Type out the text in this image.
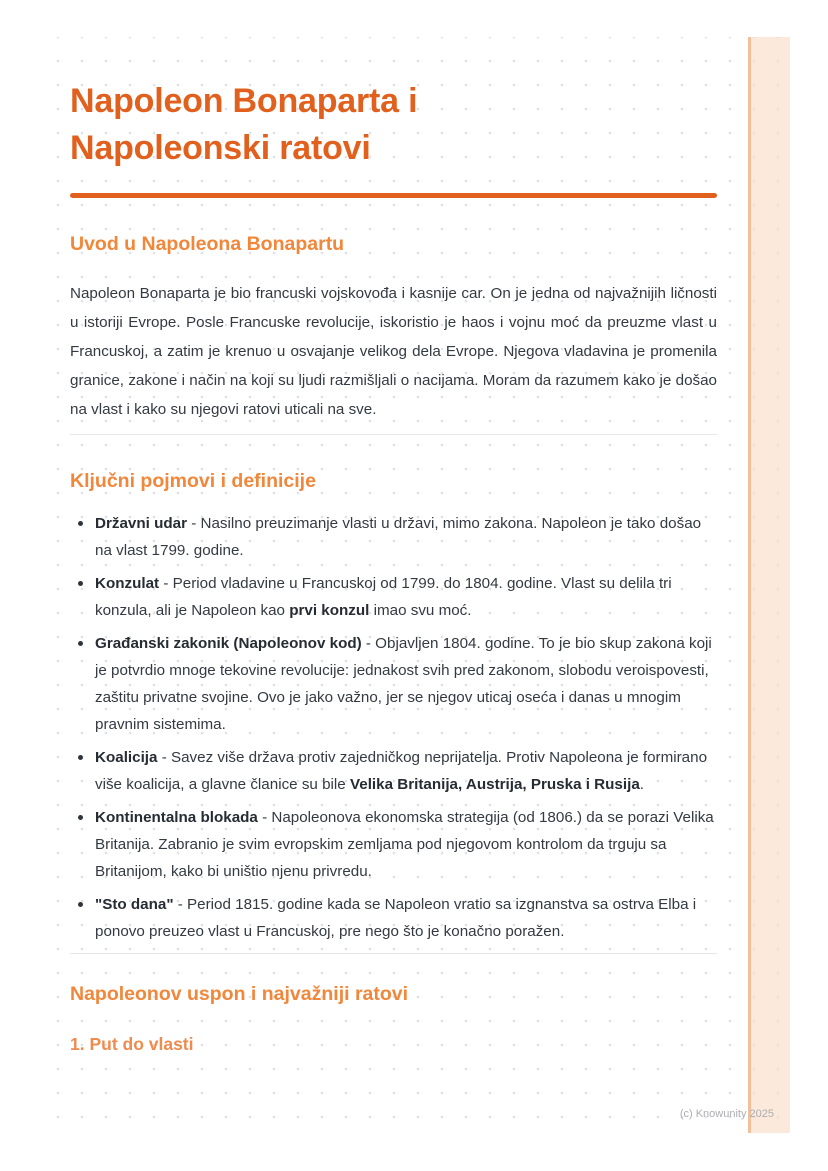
Napoleon Bonaparta i
Napoleonski ratovi
Uvod u Napoleona Bonapartu

Napoleon Bonaparta je bio francuski vojskovođa i kasnije car. On je jedna od najvažnijih ličnosti u istoriji Evrope. Posle Francuske revolucije, iskoristio je haos i vojnu moć da preuzme vlast u Francuskoj, a zatim je krenuo u osvajanje velikog dela Evrope. Njegova vladavina je promenila granice, zakone i način na koji su ljudi razmišljali o nacijama. Moram da razumem kako je došao na vlast i kako su njegovi ratovi uticali na sve.

Ključni pojmovi i definicije
Državni udar - Nasilno preuzimanje vlasti u državi, mimo zakona. Napoleon je tako došao na vlast 1799. godine.
Konzulat - Period vladavine u Francuskoj od 1799. do 1804. godine. Vlast su delila tri konzula, ali je Napoleon kao prvi konzul imao svu moć.
Građanski zakonik (Napoleonov kod) - Objavljen 1804. godine. To je bio skup zakona koji je potvrdio mnoge tekovine revolucije: jednakost svih pred zakonom, slobodu veroispovesti, zaštitu privatne svojine. Ovo je jako važno, jer se njegov uticaj oseća i danas u mnogim pravnim sistemima.
Koalicija - Savez više država protiv zajedničkog neprijatelja. Protiv Napoleona je formirano više koalicija, a glavne članice su bile Velika Britanija, Austrija, Pruska i Rusija.
Kontinentalna blokada - Napoleonova ekonomska strategija (od 1806.) da se porazi Velika Britanija. Zabranio je svim evropskim zemljama pod njegovom kontrolom da trguju sa Britanijom, kako bi uništio njenu privredu.
"Sto dana" - Period 1815. godine kada se Napoleon vratio sa izgnanstva sa ostrva Elba i ponovo preuzeo vlast u Francuskoj, pre nego što je konačno poražen.
Napoleonov uspon i najvažniji ratovi
1. Put do vlasti
(c) Knowunity 2025
